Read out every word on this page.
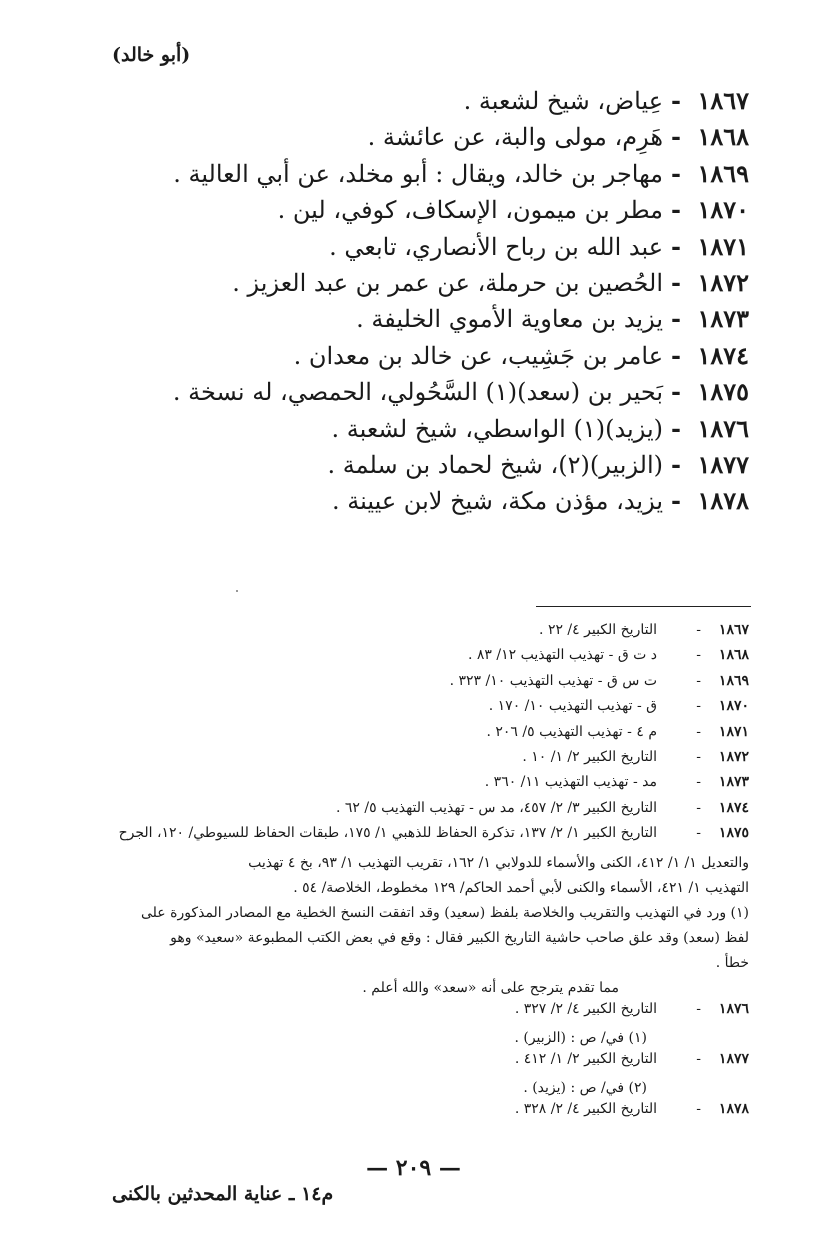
(أبو خالد)
١٨٦٧
-
عِياض، شيخ لشعبة .
١٨٦٨
-
هَرِم، مولى والبة، عن عائشة .
١٨٦٩
-
مهاجر بن خالد، ويقال : أبو مخلد، عن أبي العالية .
١٨٧٠
-
مطر بن ميمون، الإسكاف، كوفي، لين .
١٨٧١
-
عبد الله بن رباح الأنصاري، تابعي .
١٨٧٢
-
الحُصين بن حرملة، عن عمر بن عبد العزيز .
١٨٧٣
-
يزيد بن معاوية الأموي الخليفة .
١٨٧٤
-
عامر بن جَشِيب، عن خالد بن معدان .
١٨٧٥
-
بَحير بن (سعد)(١) السَّحُولي، الحمصي، له نسخة .
١٨٧٦
-
(يزيد)(١) الواسطي، شيخ لشعبة .
١٨٧٧
-
(الزبير)(٢)، شيخ لحماد بن سلمة .
١٨٧٨
-
يزيد، مؤذن مكة، شيخ لابن عيينة .
١٨٦٧
-
التاريخ الكبير ٤/ ٢٢ .
١٨٦٨
-
د ت ق - تهذيب التهذيب ١٢/ ٨٣ .
١٨٦٩
-
ت س ق - تهذيب التهذيب ١٠/ ٣٢٣ .
١٨٧٠
-
ق - تهذيب التهذيب ١٠/ ١٧٠ .
١٨٧١
-
م ٤ - تهذيب التهذيب ٥/ ٢٠٦ .
١٨٧٢
-
التاريخ الكبير ٢/ ١/ ١٠ .
١٨٧٣
-
مد - تهذيب التهذيب ١١/ ٣٦٠ .
١٨٧٤
-
التاريخ الكبير ٣/ ٢/ ٤٥٧، مد س - تهذيب التهذيب ٥/ ٦٢ .
١٨٧٥
-
التاريخ الكبير ١/ ٢/ ١٣٧، تذكرة الحفاظ للذهبي ١/ ١٧٥، طبقات الحفاظ للسيوطي/ ١٢٠، الجرح
والتعديل ١/ ١/ ٤١٢، الكنى والأسماء للدولابي ١/ ١٦٢، تقريب التهذيب ١/ ٩٣، بخ ٤ تهذيب
التهذيب ١/ ٤٢١، الأسماء والكنى لأبي أحمد الحاكم/ ١٢٩ مخطوط، الخلاصة/ ٥٤ .
(١) ورد في التهذيب والتقريب والخلاصة بلفظ (سعيد) وقد اتفقت النسخ الخطية مع المصادر المذكورة على
لفظ (سعد) وقد علق صاحب حاشية التاريخ الكبير فقال : وقع في بعض الكتب المطبوعة «سعيد» وهو
خطأ .
مما تقدم يترجح على أنه «سعد» والله أعلم .
١٨٧٦
-
التاريخ الكبير ٤/ ٢/ ٣٢٧ .
(١) في/ ص : (الزبير) .
١٨٧٧
-
التاريخ الكبير ٢/ ١/ ٤١٢ .
(٢) في/ ص : (يزيد) .
١٨٧٨
-
التاريخ الكبير ٤/ ٢/ ٣٢٨ .
— ٢٠٩ —
م١٤ ـ عناية المحدثين بالكنى
